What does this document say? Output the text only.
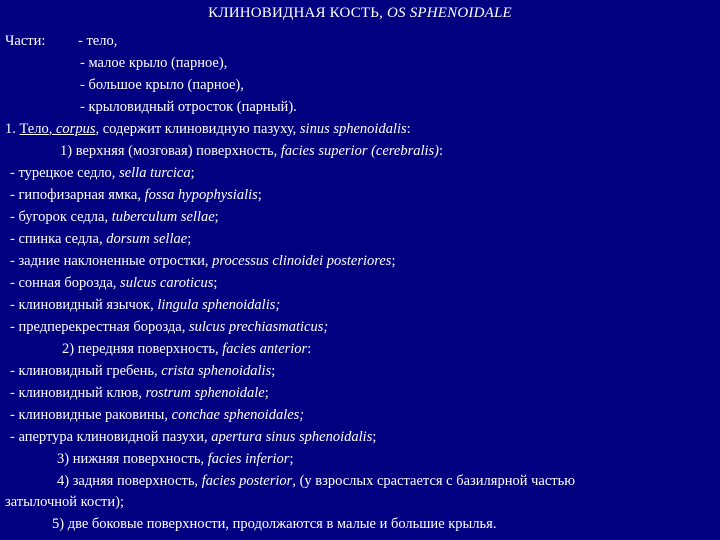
КЛИНОВИДНАЯ КОСТЬ, OS SPHENOIDALE
Части: - тело,
- малое крыло (парное),
- большое крыло (парное),
- крыловидный отросток (парный).
1. Тело, corpus, содержит клиновидную пазуху, sinus sphenoidalis:
1) верхняя (мозговая) поверхность, facies superior (cerebralis):
- турецкое седло, sella turcica;
- гипофизарная ямка, fossa hypophysialis;
- бугорок седла, tuberculum sellae;
- спинка седла, dorsum sellae;
- задние наклоненные отростки, processus clinoidei posteriores;
- сонная борозда, sulcus caroticus;
- клиновидный язычок, lingula sphenoidalis;
- предперекрестная борозда, sulcus prechiasmaticus;
2) передняя поверхность, facies anterior:
- клиновидный гребень, crista sphenoidalis;
- клиновидный клюв, rostrum sphenoidale;
- клиновидные раковины, conchae sphenoidales;
- апертура клиновидной пазухи, apertura sinus sphenoidalis;
3) нижняя поверхность, facies inferior;
4) задняя поверхность, facies posterior, (у взрослых срастается с базилярной частью
затылочной кости);
5) две боковые поверхности, продолжаются в малые и большие крылья.
